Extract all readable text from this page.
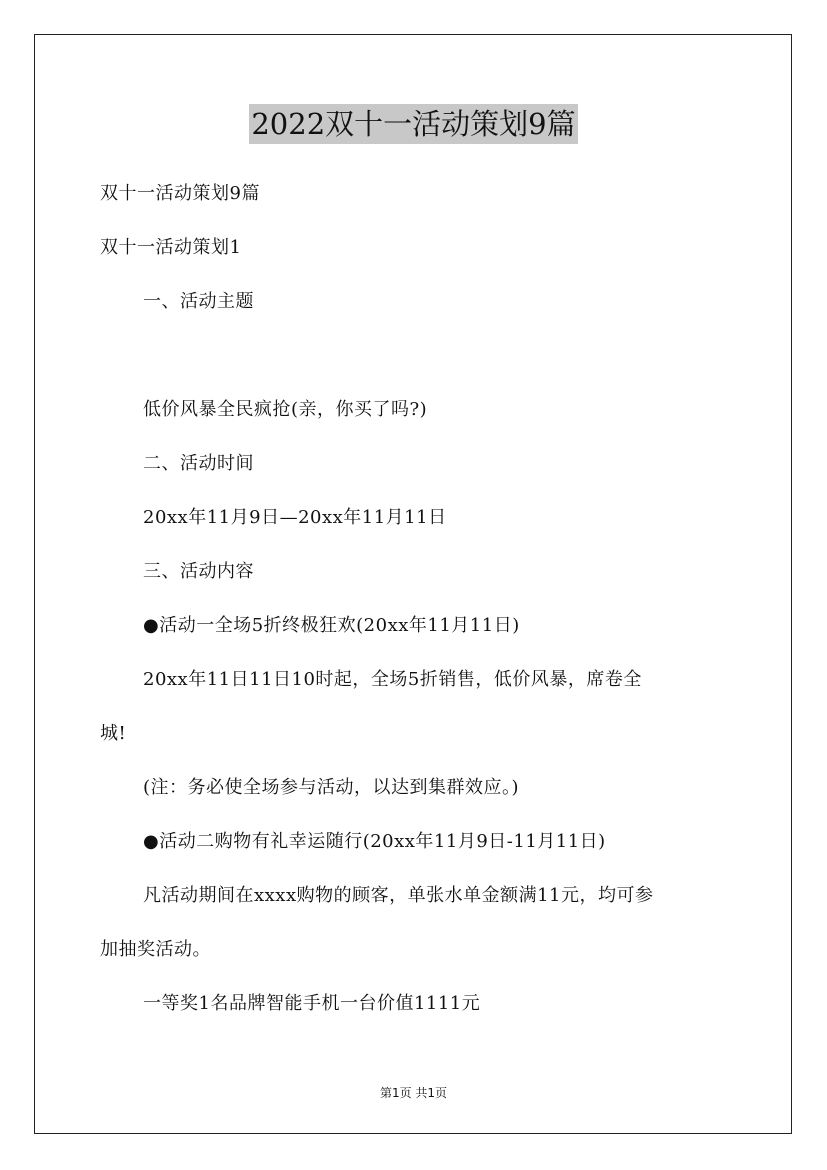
2022双十一活动策划9篇
双十一活动策划9篇
双十一活动策划1
一、活动主题
低价风暴全民疯抢(亲，你买了吗?)
二、活动时间
20xx年11月9日—20xx年11月11日
三、活动内容
●活动一全场5折终极狂欢(20xx年11月11日)
20xx年11日11日10时起，全场5折销售，低价风暴，席卷全
城!
(注：务必使全场参与活动，以达到集群效应。)
●活动二购物有礼幸运随行(20xx年11月9日-11月11日)
凡活动期间在xxxx购物的顾客，单张水单金额满11元，均可参
加抽奖活动。
一等奖1名品牌智能手机一台价值1111元
第1页 共1页
